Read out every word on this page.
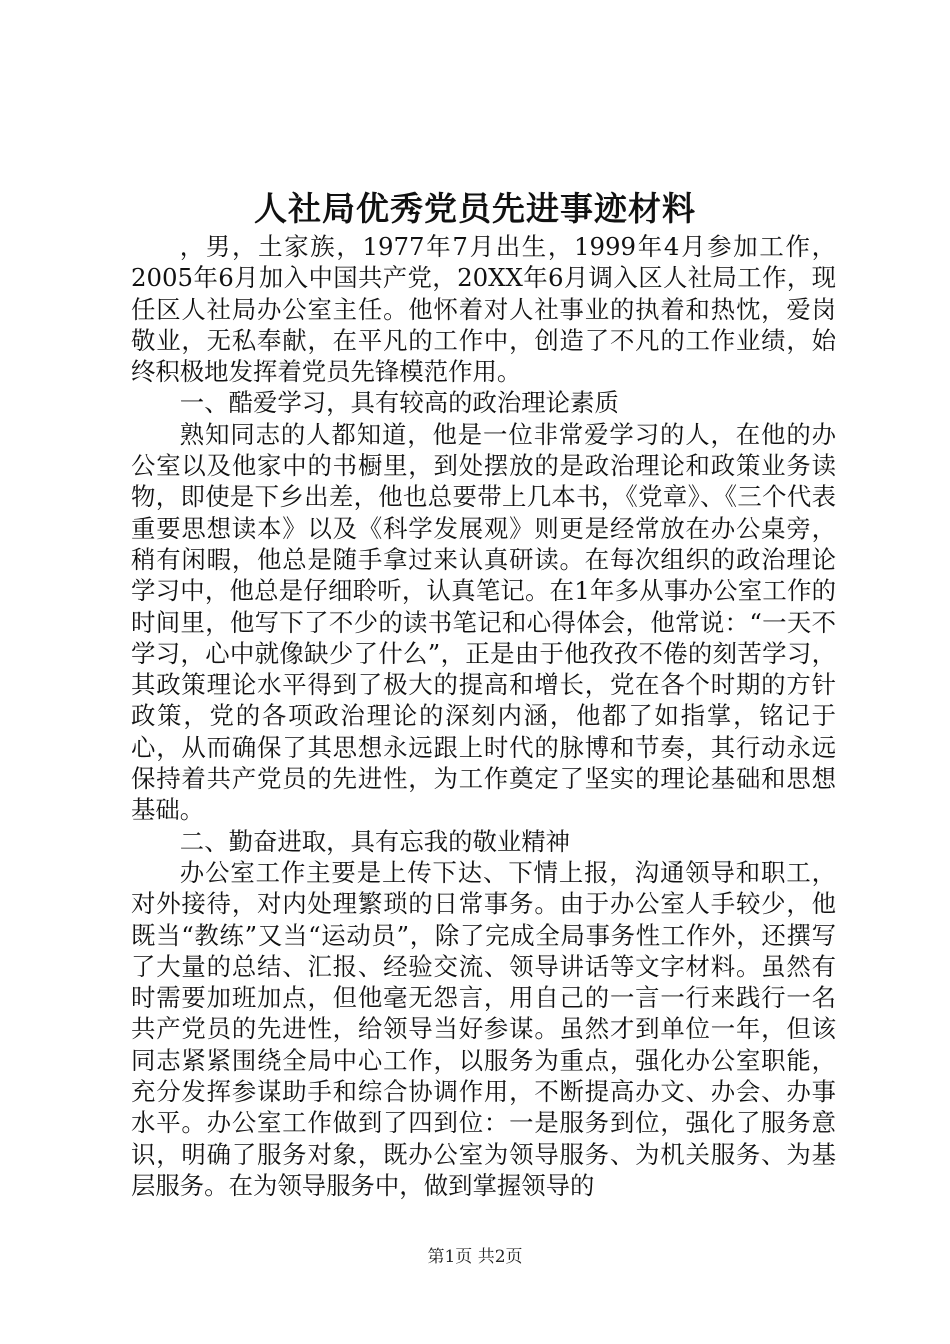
人社局优秀党员先进事迹材料

，男，土家族，1977年7月出生，1999年4月参加工作，2005年6月加入中国共产党，20XX年6月调入区人社局工作，现任区人社局办公室主任。他怀着对人社事业的执着和热忱，爱岗敬业，无私奉献，在平凡的工作中，创造了不凡的工作业绩，始终积极地发挥着党员先锋模范作用。

一、酷爱学习，具有较高的政治理论素质

熟知同志的人都知道，他是一位非常爱学习的人，在他的办公室以及他家中的书橱里，到处摆放的是政治理论和政策业务读物，即使是下乡出差，他也总要带上几本书，《党章》、《三个代表重要思想读本》以及《科学发展观》则更是经常放在办公桌旁，稍有闲暇，他总是随手拿过来认真研读。在每次组织的政治理论学习中，他总是仔细聆听，认真笔记。在1年多从事办公室工作的时间里，他写下了不少的读书笔记和心得体会，他常说：“一天不学习，心中就像缺少了什么”，正是由于他孜孜不倦的刻苦学习，其政策理论水平得到了极大的提高和增长，党在各个时期的方针政策，党的各项政治理论的深刻内涵，他都了如指掌，铭记于心，从而确保了其思想永远跟上时代的脉博和节奏，其行动永远保持着共产党员的先进性，为工作奠定了坚实的理论基础和思想基础。

二、勤奋进取，具有忘我的敬业精神

办公室工作主要是上传下达、下情上报，沟通领导和职工，对外接待，对内处理繁琐的日常事务。由于办公室人手较少，他既当“教练”又当“运动员”，除了完成全局事务性工作外，还撰写了大量的总结、汇报、经验交流、领导讲话等文字材料。虽然有时需要加班加点，但他毫无怨言，用自己的一言一行来践行一名共产党员的先进性，给领导当好参谋。虽然才到单位一年，但该同志紧紧围绕全局中心工作，以服务为重点，强化办公室职能，充分发挥参谋助手和综合协调作用，不断提高办文、办会、办事水平。办公室工作做到了四到位：一是服务到位，强化了服务意识，明确了服务对象，既办公室为领导服务、为机关服务、为基层服务。在为领导服务中，做到掌握领导的

第1页 共2页
